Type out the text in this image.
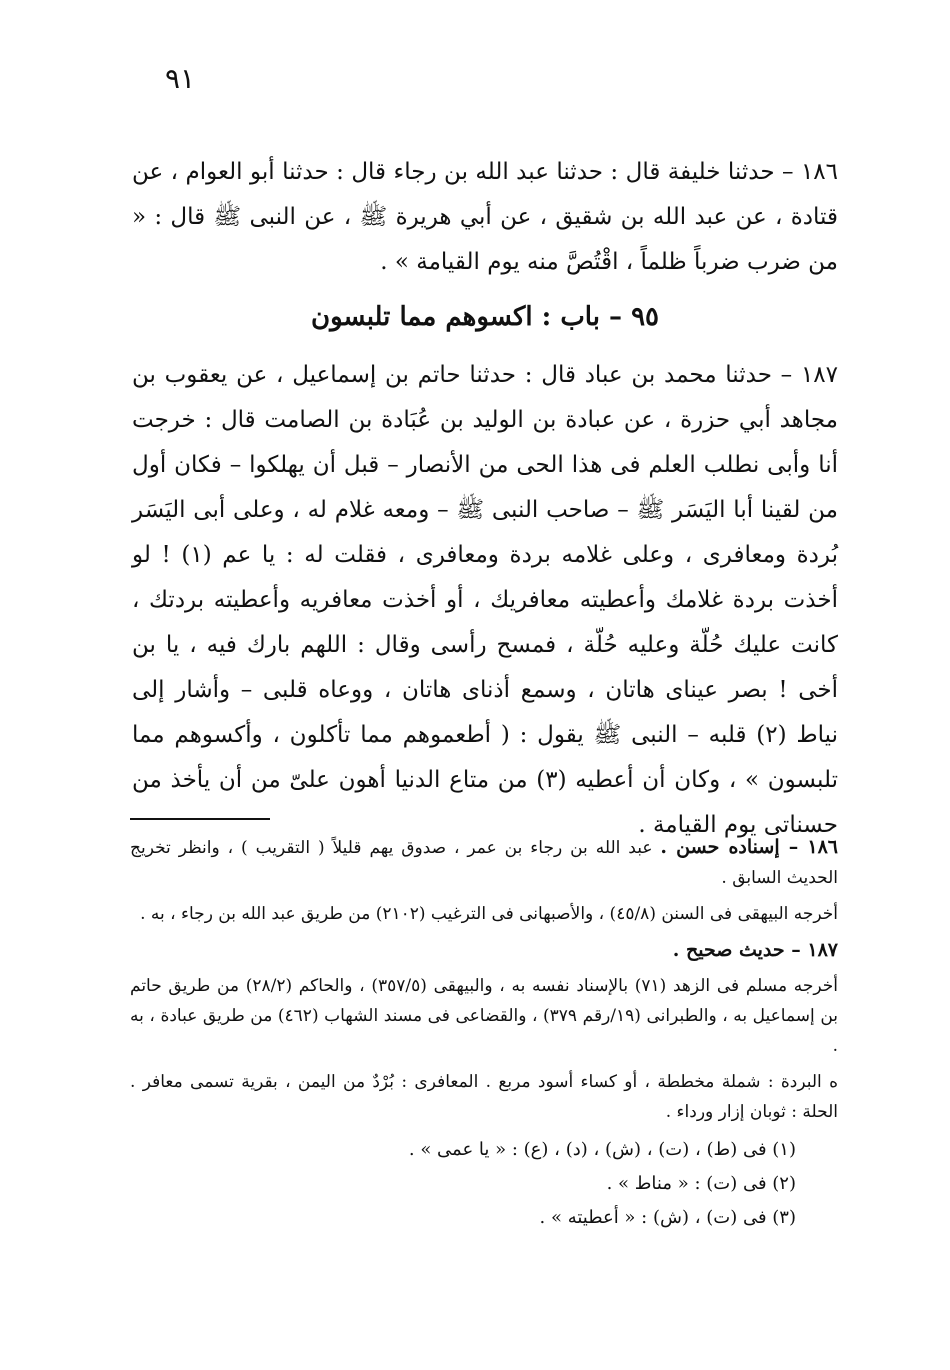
٩١

١٨٦ – حدثنا خليفة قال : حدثنا عبد الله بن رجاء قال : حدثنا أبو العوام ، عن قتادة ، عن عبد الله بن شقيق ، عن أبي هريرة ﷺ ، عن النبى ﷺ قال : « من ضرب ضرباً ظلماً ، اقْتُصَّ منه يوم القيامة » .

٩٥ – باب : اكسوهم مما تلبسون

١٨٧ – حدثنا محمد بن عباد قال : حدثنا حاتم بن إسماعيل ، عن يعقوب بن مجاهد أبي حزرة ، عن عبادة بن الوليد بن عُبَادة بن الصامت قال : خرجت أنا وأبى نطلب العلم فى هذا الحى من الأنصار – قبل أن يهلكوا – فكان أول من لقينا أبا اليَسَر ﷺ – صاحب النبى ﷺ – ومعه غلام له ، وعلى أبى اليَسَر بُردة ومعافرى ، وعلى غلامه بردة ومعافرى ، فقلت له : يا عم (١) ! لو أخذت بردة غلامك وأعطيته معافريك ، أو أخذت معافريه وأعطيته بردتك ، كانت عليك حُلّة وعليه حُلّة ، فمسح رأسى وقال : اللهم بارك فيه ، يا بن أخى ! بصر عيناى هاتان ، وسمع أذناى هاتان ، ووعاه قلبى – وأشار إلى نياط (٢) قلبه – النبى ﷺ يقول : ( أطعموهم مما تأكلون ، وأكسوهم مما تلبسون » ، وكان أن أعطيه (٣) من متاع الدنيا أهون علىّ من أن يأخذ من حسناتى يوم القيامة .

١٨٦ – إسناده حسن . عبد الله بن رجاء بن عمر ، صدوق يهم قليلاً ( التقريب ) ، وانظر تخريج الحديث السابق .

أخرجه البيهقى فى السنن (٤٥/٨) ، والأصبهانى فى الترغيب (٢١٠٢) من طريق عبد الله بن رجاء ، به .

١٨٧ – حديث صحيح .

أخرجه مسلم فى الزهد (٧١) بالإسناد نفسه به ، والبيهقى (٣٥٧/٥) ، والحاكم (٢٨/٢) من طريق حاتم بن إسماعيل به ، والطبرانى (١٩/رقم ٣٧٩) ، والقضاعى فى مسند الشهاب (٤٦٢) من طريق عبادة ، به .

ه البردة : شملة مخططة ، أو كساء أسود مربع . المعافرى : بُرْدٌ من اليمن ، بقرية تسمى معافر . الحلة : ثوبان إزار ورداء .

(١) فى (ط) ، (ت) ، (ش) ، (د) ، (ع) : « يا عمى » .

(٢) فى (ت) : « مناط » .

(٣) فى (ت) ، (ش) : « أعطيته » .
